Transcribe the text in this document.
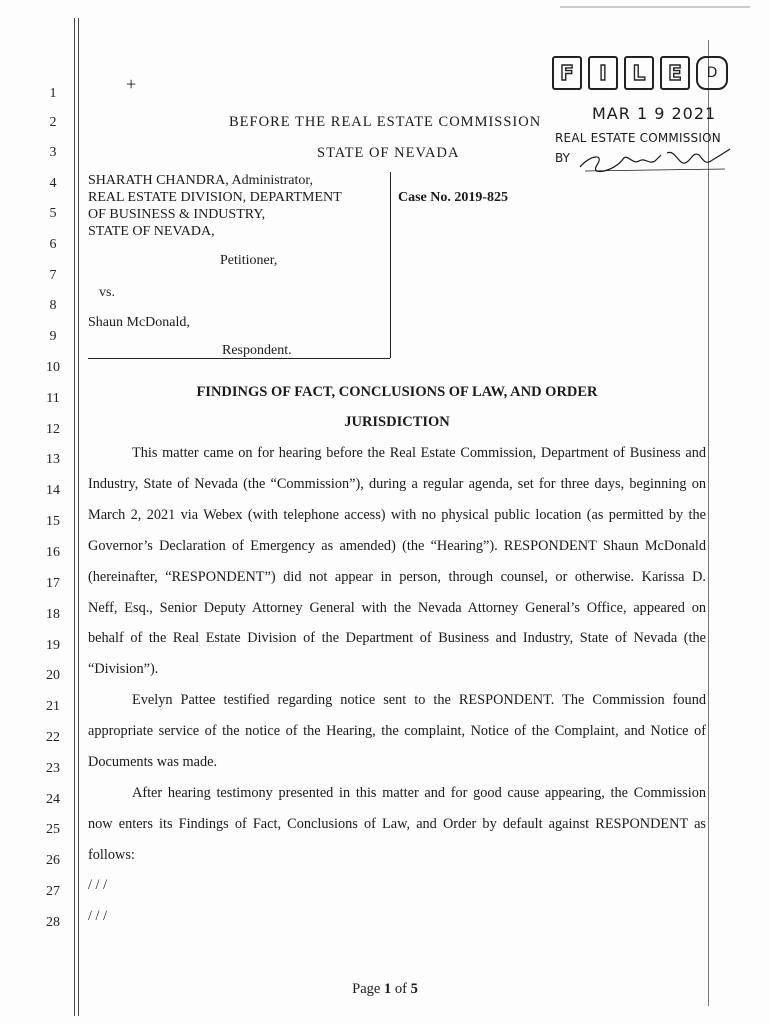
1
2
3
4
5
6
7
8
9
10
11
12
13
14
15
16
17
18
19
20
21
22
23
24
25
26
27
28
+	F	I	L	E	D
MAR 1 9 2021
REAL ESTATE COMMISSION
BY
BEFORE THE REAL ESTATE COMMISSION
STATE OF NEVADA
SHARATH CHANDRA, Administrator,
REAL ESTATE DIVISION, DEPARTMENT
OF BUSINESS & INDUSTRY,
STATE OF NEVADA,
Petitioner,
vs.
Shaun McDonald,
Respondent.
Case No. 2019-825
FINDINGS OF FACT, CONCLUSIONS OF LAW, AND ORDER
JURISDICTION
This matter came on for hearing before the Real Estate Commission, Department of Business and
Industry, State of Nevada (the “Commission”), during a regular agenda, set for three days, beginning on
March 2, 2021 via Webex (with telephone access) with no physical public location (as permitted by the
Governor’s Declaration of Emergency as amended) (the “Hearing”). RESPONDENT Shaun McDonald
(hereinafter, “RESPONDENT”) did not appear in person, through counsel, or otherwise. Karissa D.
Neff, Esq., Senior Deputy Attorney General with the Nevada Attorney General’s Office, appeared on
behalf of the Real Estate Division of the Department of Business and Industry, State of Nevada (the
“Division”).
Evelyn Pattee testified regarding notice sent to the RESPONDENT. The Commission found
appropriate service of the notice of the Hearing, the complaint, Notice of the Complaint, and Notice of
Documents was made.
After hearing testimony presented in this matter and for good cause appearing, the Commission
now enters its Findings of Fact, Conclusions of Law, and Order by default against RESPONDENT as
follows:
/ / /
/ / /
Page 1 of 5
